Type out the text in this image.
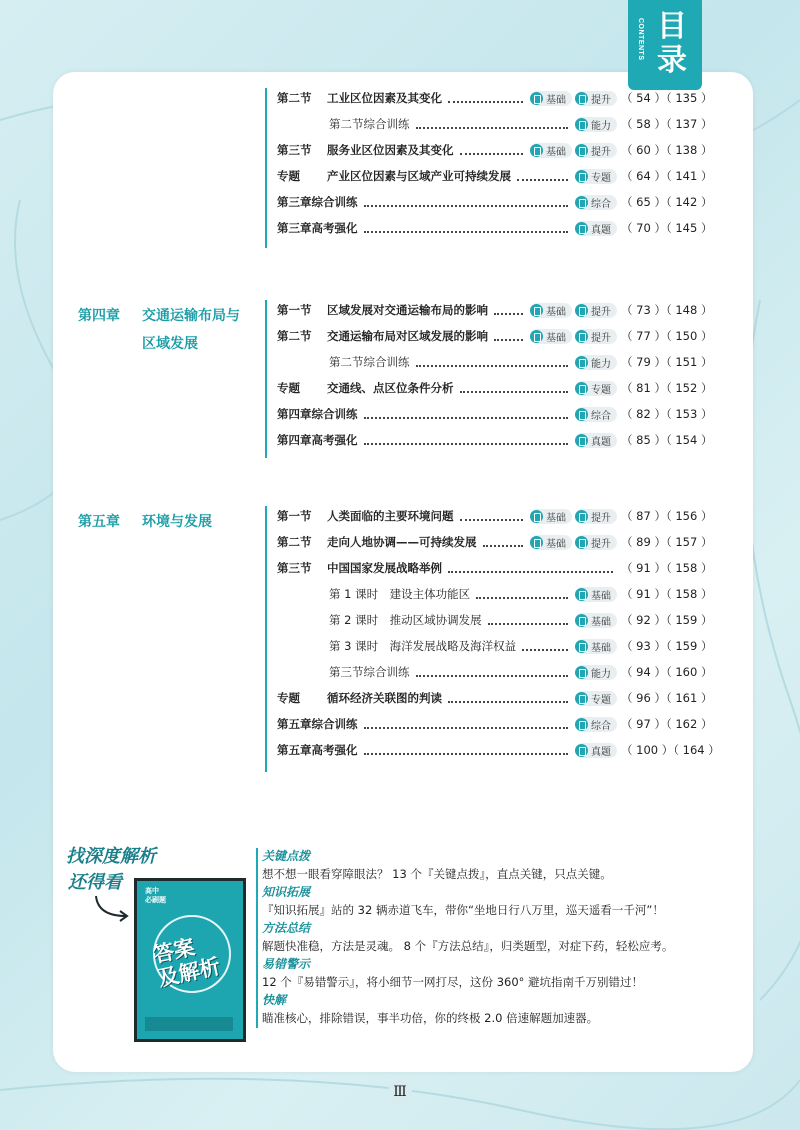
CONTENTS 目录
第四章 交通运输布局与
区域发展
第五章 环境与发展
第二节	工业区位因素及其变化	基础	提升 （ 54 ）（ 135 ）
第二节综合训练	能力 （ 58 ）（ 137 ）
第三节	服务业区位因素及其变化	基础	提升 （ 60 ）（ 138 ）
专题	产业区位因素与区域产业可持续发展	专题 （ 64 ）（ 141 ）
第三章综合训练	综合 （ 65 ）（ 142 ）
第三章高考强化	真题 （ 70 ）（ 145 ）
第一节	区域发展对交通运输布局的影响	基础	提升 （ 73 ）（ 148 ）
第二节	交通运输布局对区域发展的影响	基础	提升 （ 77 ）（ 150 ）
第二节综合训练	能力 （ 79 ）（ 151 ）
专题	交通线、点区位条件分析	专题 （ 81 ）（ 152 ）
第四章综合训练	综合 （ 82 ）（ 153 ）
第四章高考强化	真题 （ 85 ）（ 154 ）
第一节	人类面临的主要环境问题	基础	提升 （ 87 ）（ 156 ）
第二节	走向人地协调——可持续发展	基础	提升 （ 89 ）（ 157 ）
第三节	中国国家发展战略举例	（ 91 ）（ 158 ）
第 1 课时　建设主体功能区	基础 （ 91 ）（ 158 ）
第 2 课时　推动区域协调发展	基础 （ 92 ）（ 159 ）
第 3 课时　海洋发展战略及海洋权益	基础 （ 93 ）（ 159 ）
第三节综合训练	能力 （ 94 ）（ 160 ）
专题	循环经济关联图的判读	专题 （ 96 ）（ 161 ）
第五章综合训练	综合 （ 97 ）（ 162 ）
第五章高考强化	真题 （ 100 ）（ 164 ）
找深度解析
还得看	高中
必刷题
答案
及解析
关键点拨
想不想一眼看穿障眼法？ 13 个『关键点拨』，直点关键，只点关键。
知识拓展
『知识拓展』站的 32 辆赤道飞车，带你“坐地日行八万里，巡天遥看一千河”！
方法总结
解题快准稳，方法是灵魂。 8 个『方法总结』，归类题型，对症下药，轻松应考。
易错警示
12 个『易错警示』，将小细节一网打尽，这份 360° 避坑指南千万别错过！
快解
瞄准核心，排除错误，事半功倍，你的终极 2.0 倍速解题加速器。
Ⅲ
